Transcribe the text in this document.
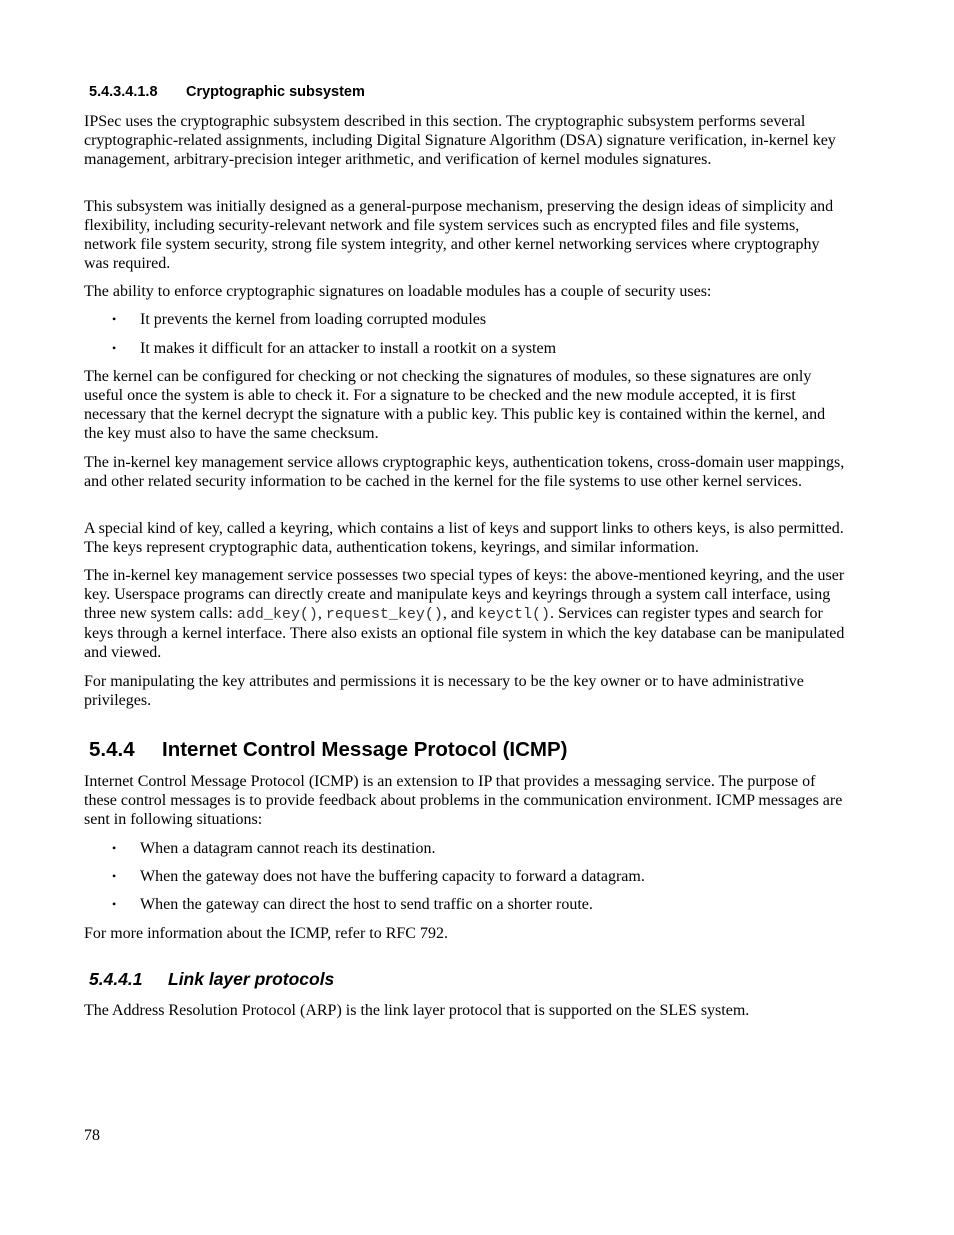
5.4.3.4.1.8 Cryptographic subsystem

IPSec uses the cryptographic subsystem described in this section. The cryptographic subsystem performs several cryptographic-related assignments, including Digital Signature Algorithm (DSA) signature verification, in-kernel key management, arbitrary-precision integer arithmetic, and verification of kernel modules signatures.

This subsystem was initially designed as a general-purpose mechanism, preserving the design ideas of simplicity and flexibility, including security-relevant network and file system services such as encrypted files and file systems, network file system security, strong file system integrity, and other kernel networking services where cryptography was required.

The ability to enforce cryptographic signatures on loadable modules has a couple of security uses:

• It prevents the kernel from loading corrupted modules
• It makes it difficult for an attacker to install a rootkit on a system

The kernel can be configured for checking or not checking the signatures of modules, so these signatures are only useful once the system is able to check it. For a signature to be checked and the new module accepted, it is first necessary that the kernel decrypt the signature with a public key. This public key is contained within the kernel, and the key must also to have the same checksum.

The in-kernel key management service allows cryptographic keys, authentication tokens, cross-domain user mappings, and other related security information to be cached in the kernel for the file systems to use other kernel services.

A special kind of key, called a keyring, which contains a list of keys and support links to others keys, is also permitted. The keys represent cryptographic data, authentication tokens, keyrings, and similar information.

The in-kernel key management service possesses two special types of keys: the above-mentioned keyring, and the user key. Userspace programs can directly create and manipulate keys and keyrings through a system call interface, using three new system calls: add_key(), request_key(), and keyctl(). Services can register types and search for keys through a kernel interface. There also exists an optional file system in which the key database can be manipulated and viewed.

For manipulating the key attributes and permissions it is necessary to be the key owner or to have administrative privileges.

5.4.4 Internet Control Message Protocol (ICMP)

Internet Control Message Protocol (ICMP) is an extension to IP that provides a messaging service. The purpose of these control messages is to provide feedback about problems in the communication environment. ICMP messages are sent in following situations:

• When a datagram cannot reach its destination.
• When the gateway does not have the buffering capacity to forward a datagram.
• When the gateway can direct the host to send traffic on a shorter route.

For more information about the ICMP, refer to RFC 792.

5.4.4.1 Link layer protocols

The Address Resolution Protocol (ARP) is the link layer protocol that is supported on the SLES system.

78
